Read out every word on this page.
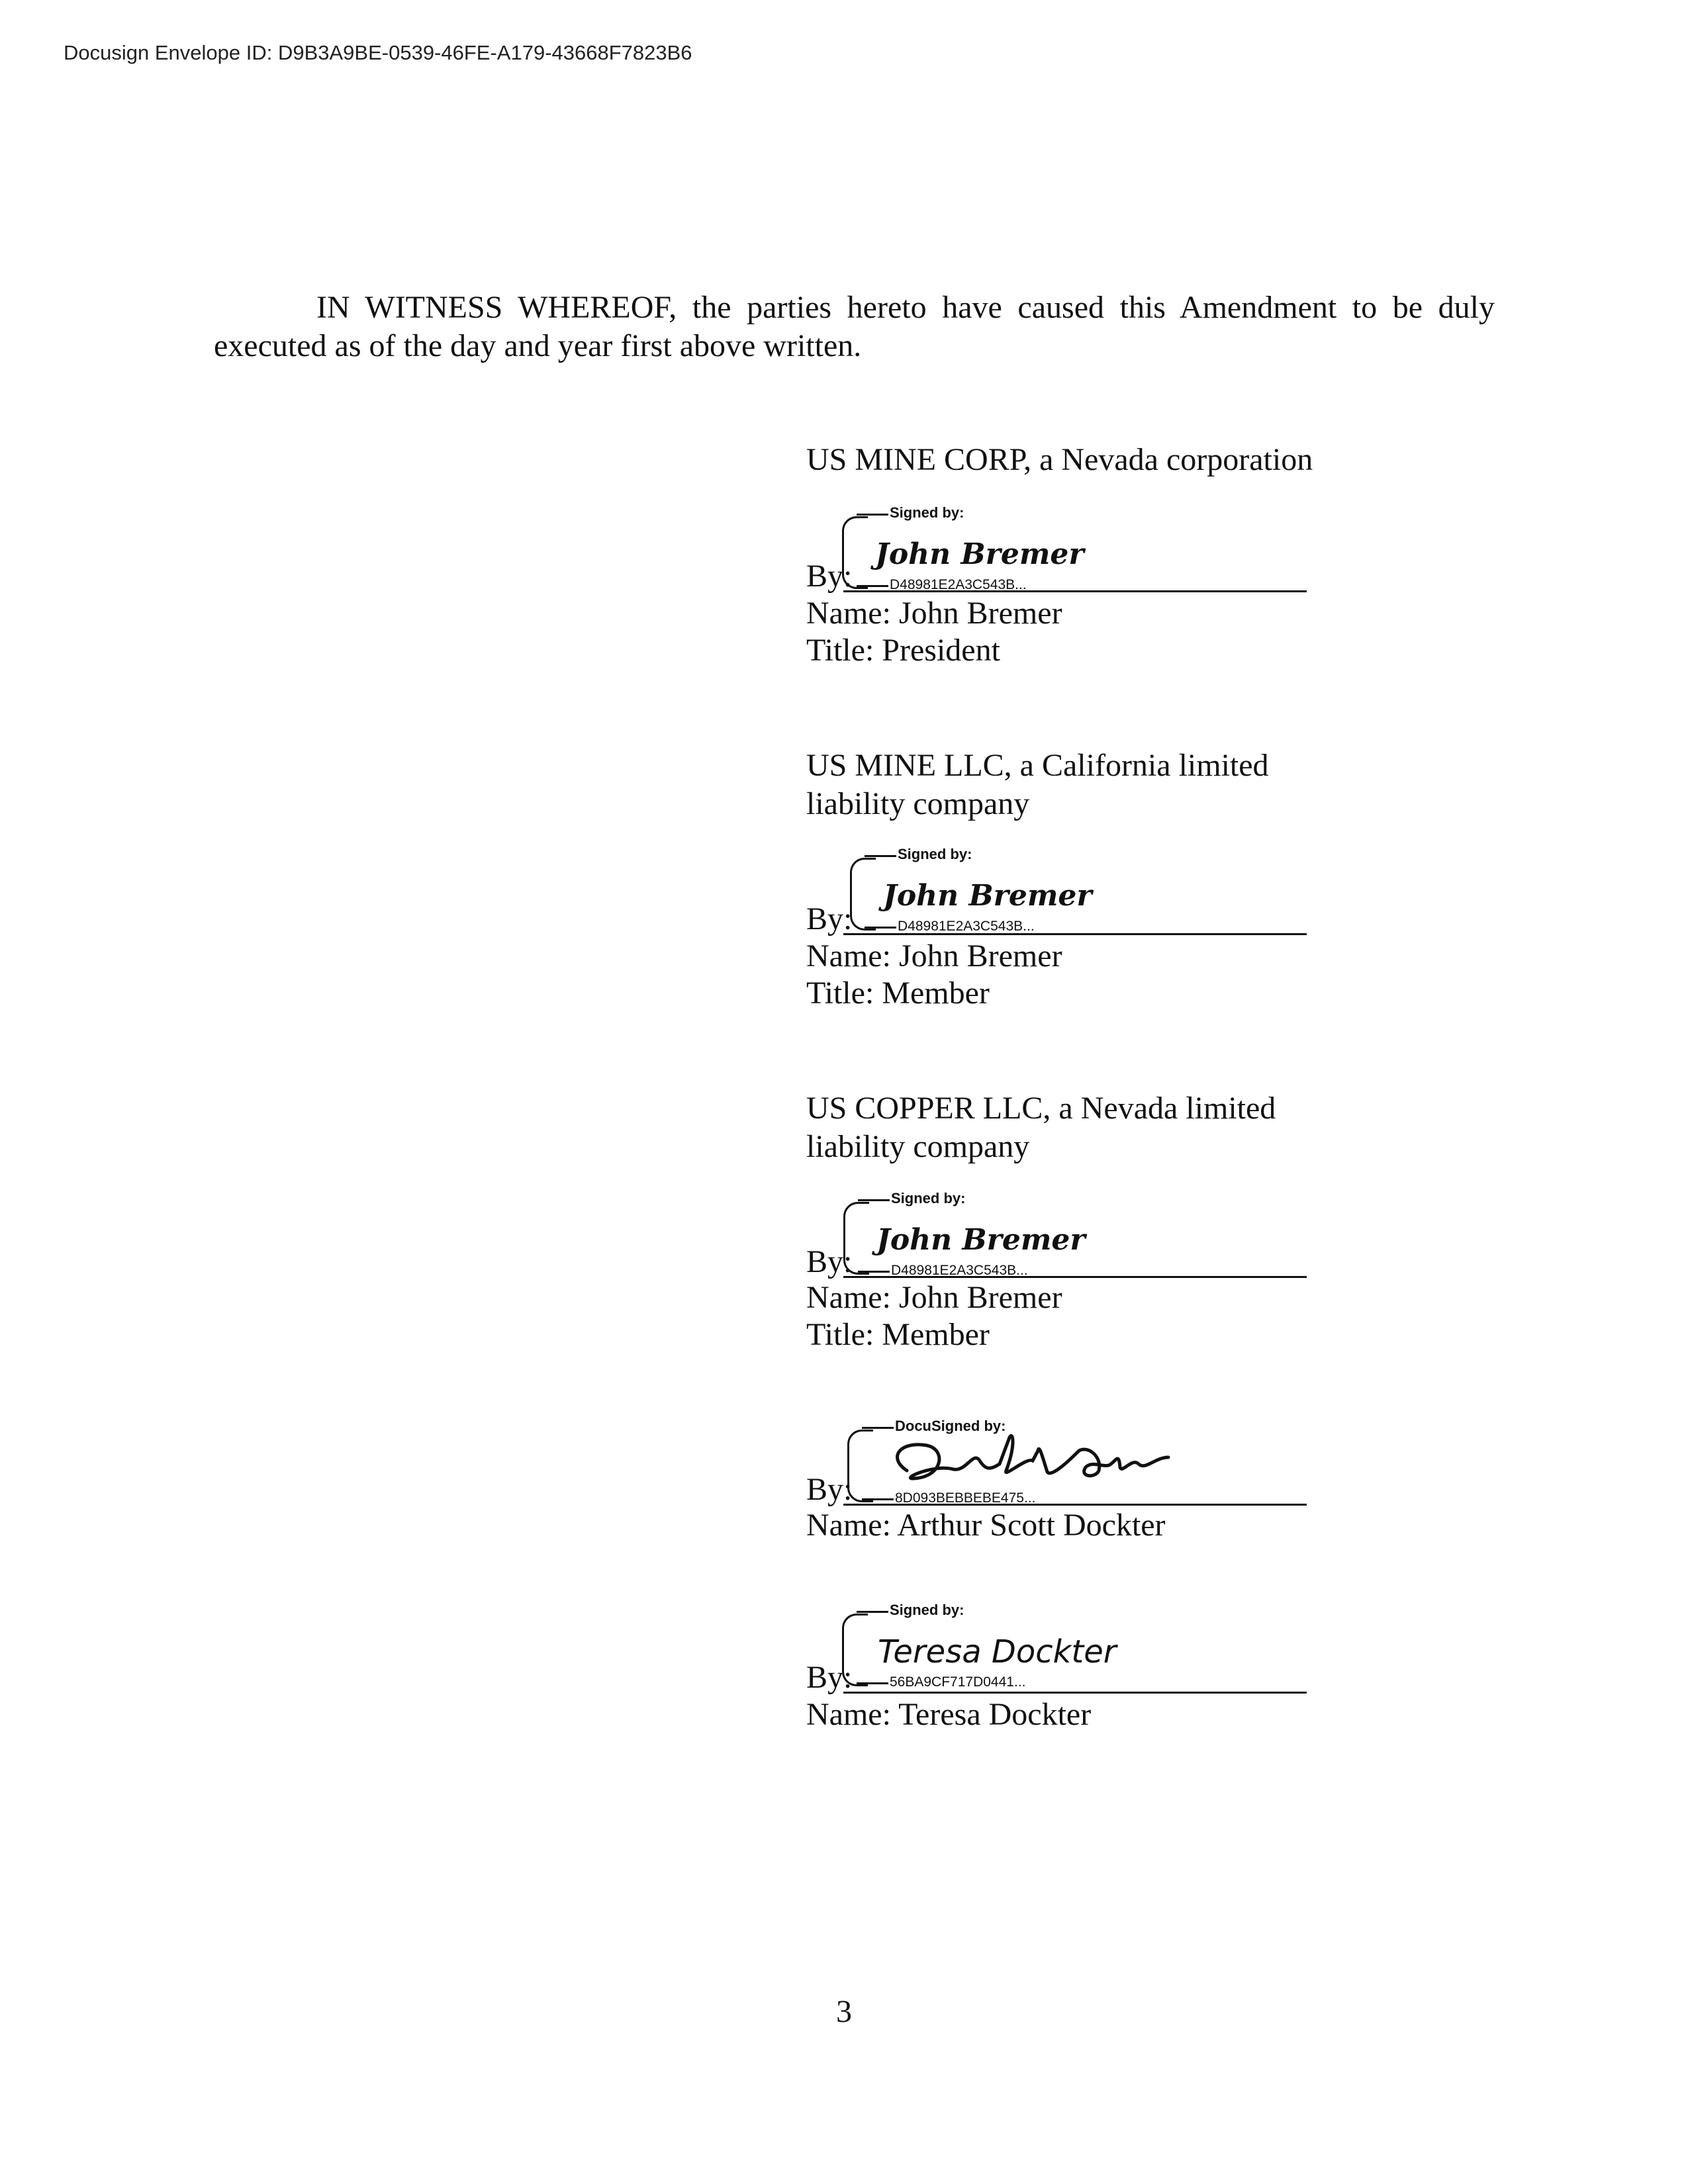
Docusign Envelope ID: D9B3A9BE-0539-46FE-A179-43668F7823B6
IN WITNESS WHEREOF, the parties hereto have caused this Amendment to be duly
executed as of the day and year first above written.
US MINE CORP, a Nevada corporation
Signed by:
John Bremer
D48981E2A3C543B...
By:
Name: John Bremer
Title: President
US MINE LLC, a California limited
liability company
Signed by:
John Bremer
D48981E2A3C543B...
By:
Name: John Bremer
Title: Member
US COPPER LLC, a Nevada limited
liability company
Signed by:
John Bremer
D48981E2A3C543B...
By:
Name: John Bremer
Title: Member
DocuSigned by:
8D093BEBBEBE475...
By:
Name: Arthur Scott Dockter
Signed by:
Teresa Dockter
56BA9CF717D0441...
By:
Name: Teresa Dockter
3
